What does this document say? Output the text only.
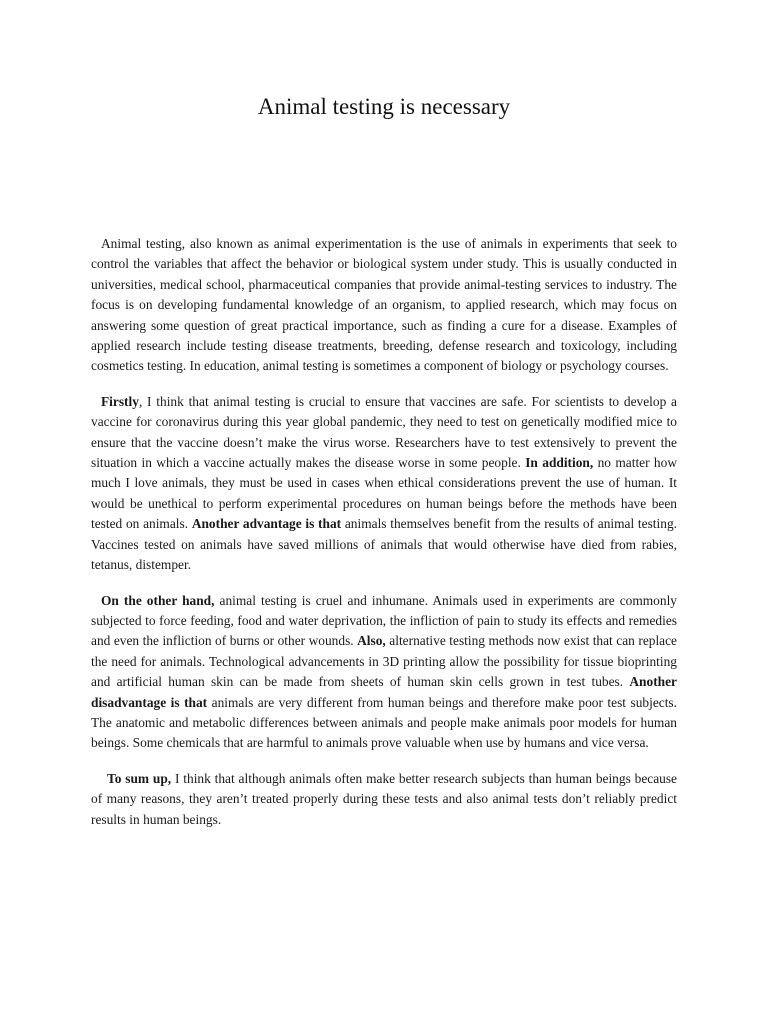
Animal testing is necessary

Animal testing, also known as animal experimentation is the use of animals in experiments that seek to control the variables that affect the behavior or biological system under study. This is usually conducted in universities, medical school, pharmaceutical companies that provide animal-testing services to industry. The focus is on developing fundamental knowledge of an organism, to applied research, which may focus on answering some question of great practical importance, such as finding a cure for a disease. Examples of applied research include testing disease treatments, breeding, defense research and toxicology, including cosmetics testing. In education, animal testing is sometimes a component of biology or psychology courses.

Firstly, I think that animal testing is crucial to ensure that vaccines are safe. For scientists to develop a vaccine for coronavirus during this year global pandemic, they need to test on genetically modified mice to ensure that the vaccine doesn’t make the virus worse. Researchers have to test extensively to prevent the situation in which a vaccine actually makes the disease worse in some people. In addition, no matter how much I love animals, they must be used in cases when ethical considerations prevent the use of human. It would be unethical to perform experimental procedures on human beings before the methods have been tested on animals. Another advantage is that animals themselves benefit from the results of animal testing. Vaccines tested on animals have saved millions of animals that would otherwise have died from rabies, tetanus, distemper.

On the other hand, animal testing is cruel and inhumane. Animals used in experiments are commonly subjected to force feeding, food and water deprivation, the infliction of pain to study its effects and remedies and even the infliction of burns or other wounds. Also, alternative testing methods now exist that can replace the need for animals. Technological advancements in 3D printing allow the possibility for tissue bioprinting and artificial human skin can be made from sheets of human skin cells grown in test tubes. Another disadvantage is that animals are very different from human beings and therefore make poor test subjects. The anatomic and metabolic differences between animals and people make animals poor models for human beings. Some chemicals that are harmful to animals prove valuable when use by humans and vice versa.

To sum up, I think that although animals often make better research subjects than human beings because of many reasons, they aren’t treated properly during these tests and also animal tests don’t reliably predict results in human beings.
